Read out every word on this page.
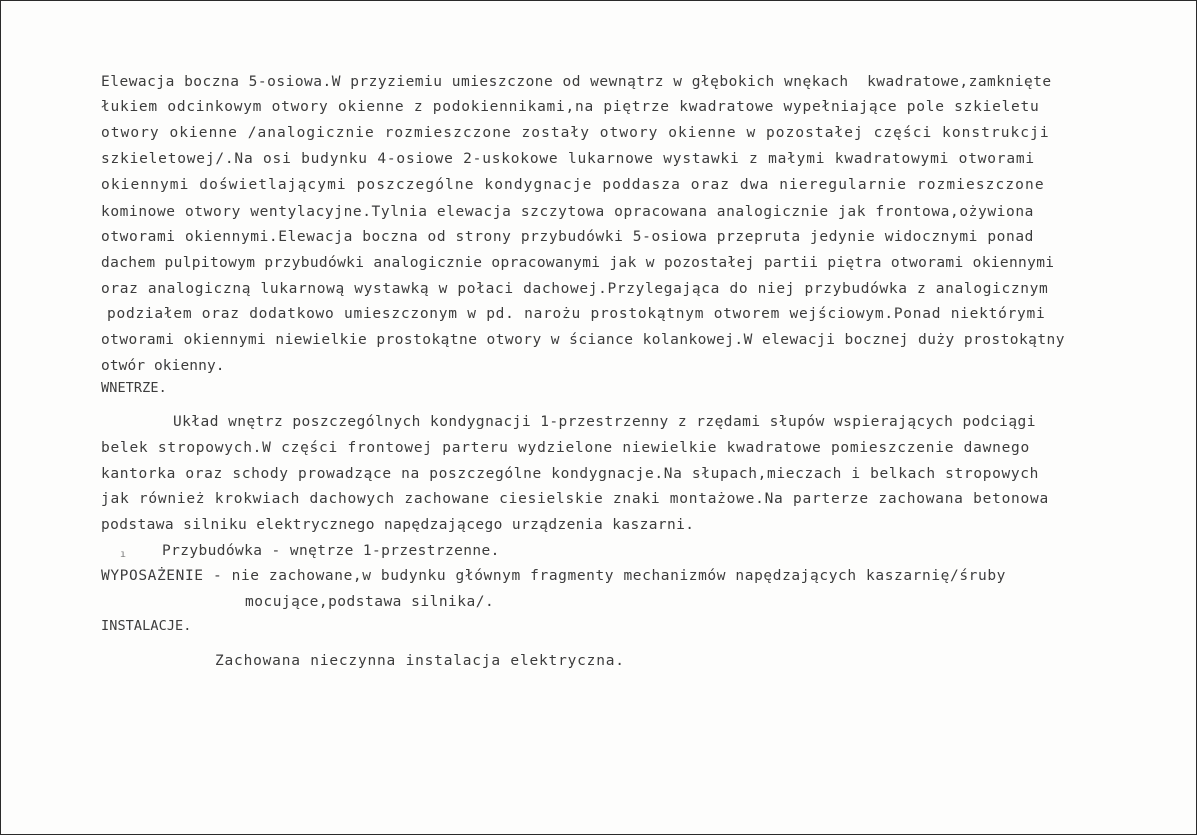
Elewacja boczna 5-osiowa.W przyziemiu umieszczone od wewnątrz w głębokich wnękach  kwadratowe,zamknięte
łukiem odcinkowym otwory okienne z podokiennikami,na piętrze kwadratowe wypełniające pole szkieletu
otwory okienne /analogicznie rozmieszczone zostały otwory okienne w pozostałej części konstrukcji
szkieletowej/.Na osi budynku 4-osiowe 2-uskokowe lukarnowe wystawki z małymi kwadratowymi otworami
okiennymi doświetlającymi poszczególne kondygnacje poddasza oraz dwa nieregularnie rozmieszczone
kominowe otwory wentylacyjne.Tylnia elewacja szczytowa opracowana analogicznie jak frontowa,ożywiona
otworami okiennymi.Elewacja boczna od strony przybudówki 5-osiowa przepruta jedynie widocznymi ponad
dachem pulpitowym przybudówki analogicznie opracowanymi jak w pozostałej partii piętra otworami okiennymi
oraz analogiczną lukarnową wystawką w połaci dachowej.Przylegająca do niej przybudówka z analogicznym
podziałem oraz dodatkowo umieszczonym w pd. narożu prostokątnym otworem wejściowym.Ponad niektórymi
otworami okiennymi niewielkie prostokątne otwory w ściance kolankowej.W elewacji bocznej duży prostokątny
otwór okienny.
WNETRZE.
Układ wnętrz poszczególnych kondygnacji 1-przestrzenny z rzędami słupów wspierających podciągi
belek stropowych.W części frontowej parteru wydzielone niewielkie kwadratowe pomieszczenie dawnego
kantorka oraz schody prowadzące na poszczególne kondygnacje.Na słupach,mieczach i belkach stropowych
jak również krokwiach dachowych zachowane ciesielskie znaki montażowe.Na parterze zachowana betonowa
podstawa silniku elektrycznego napędzającego urządzenia kaszarni.
ı Przybudówka - wnętrze 1-przestrzenne.
WYPOSAŻENIE - nie zachowane,w budynku głównym fragmenty mechanizmów napędzających kaszarnię/śruby
mocujące,podstawa silnika/.
INSTALACJE.
Zachowana nieczynna instalacja elektryczna.
